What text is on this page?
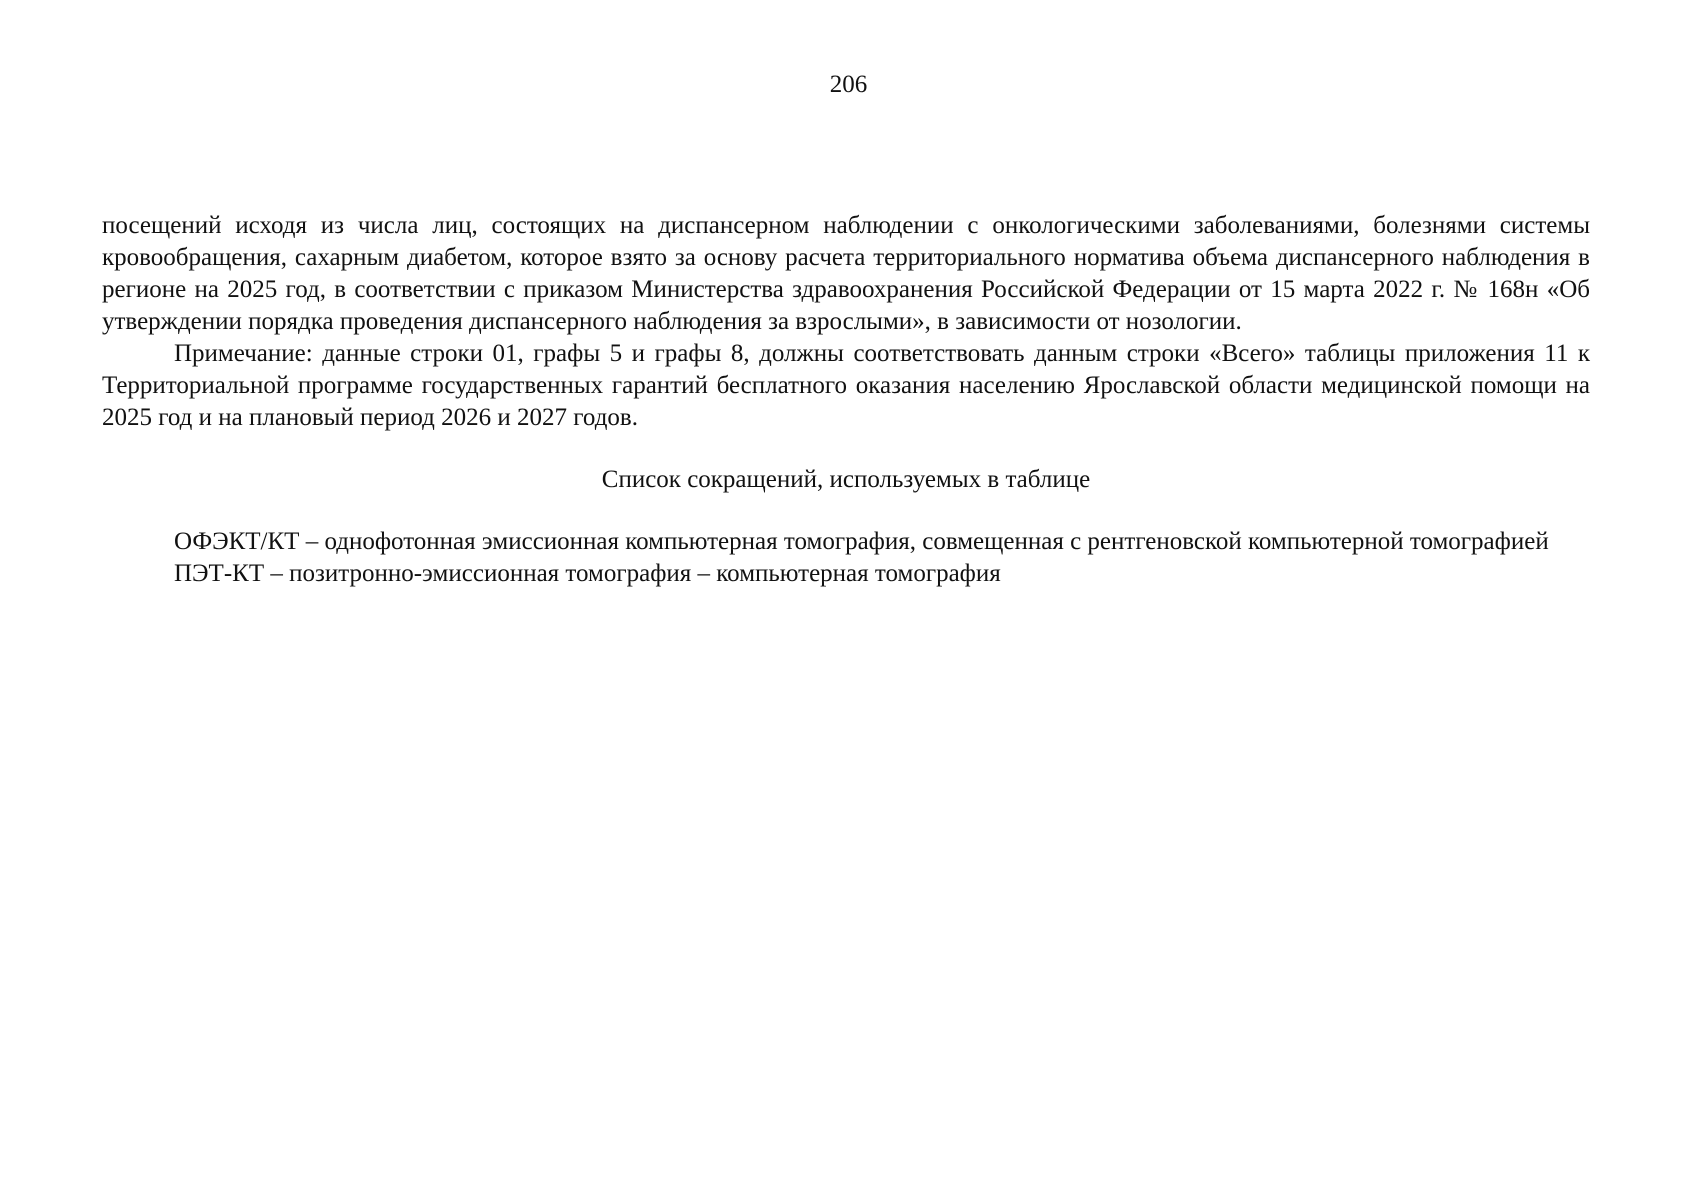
206

посещений исходя из числа лиц, состоящих на диспансерном наблюдении с онкологическими заболеваниями, болезнями системы кровообращения, сахарным диабетом, которое взято за основу расчета территориального норматива объема диспансерного наблюдения в регионе на 2025 год, в соответствии с приказом Министерства здравоохранения Российской Федерации от 15 марта 2022 г. № 168н «Об утверждении порядка проведения диспансерного наблюдения за взрослыми», в зависимости от нозологии.

Примечание: данные строки 01, графы 5 и графы 8, должны соответствовать данным строки «Всего» таблицы приложения 11 к Территориальной программе государственных гарантий бесплатного оказания населению Ярославской области медицинской помощи на 2025 год и на плановый период 2026 и 2027 годов.

Список сокращений, используемых в таблице

ОФЭКТ/КТ – однофотонная эмиссионная компьютерная томография, совмещенная с рентгеновской компьютерной томографией

ПЭТ-КТ – позитронно-эмиссионная томография – компьютерная томография
